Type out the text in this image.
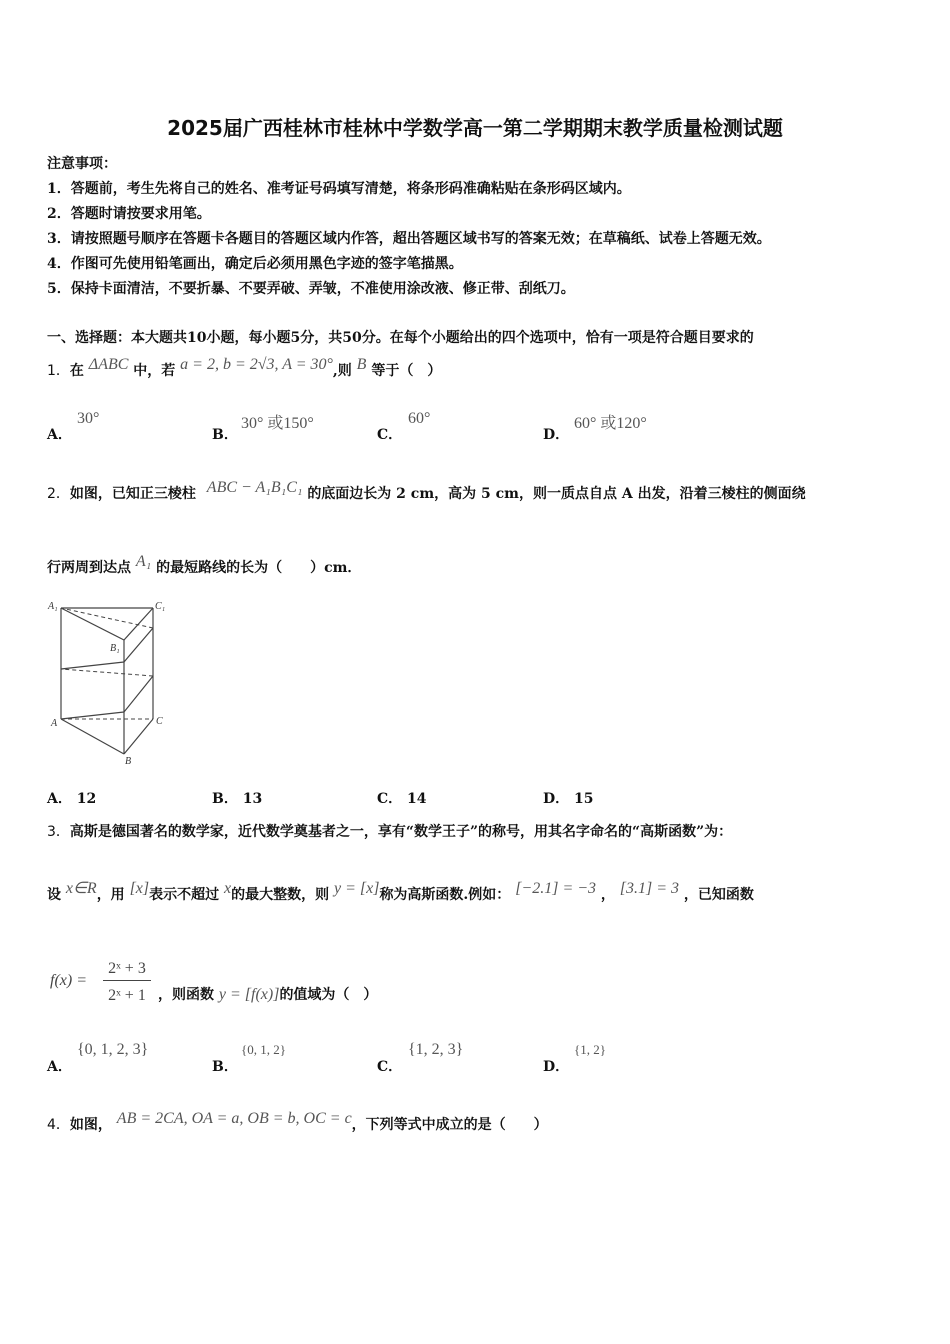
2025届广西桂林市桂林中学数学高一第二学期期末教学质量检测试题
注意事项：
1．答题前，考生先将自己的姓名、准考证号码填写清楚，将条形码准确粘贴在条形码区域内。
2．答题时请按要求用笔。
3．请按照题号顺序在答题卡各题目的答题区域内作答，超出答题区域书写的答案无效；在草稿纸、试卷上答题无效。
4．作图可先使用铅笔画出，确定后必须用黑色字迹的签字笔描黑。
5．保持卡面清洁，不要折暴、不要弄破、弄皱，不准使用涂改液、修正带、刮纸刀。
一、选择题：本大题共10小题，每小题5分，共50分。在每个小题给出的四个选项中，恰有一项是符合题目要求的
1．在 ΔABC 中，若 a = 2, b = 2√3, A = 30°,则 B 等于（　）
A．
30°
B．
30° 或150°
C．
60°
D．
60° 或120°
2．如图，已知正三棱柱 ABC − A₁B₁C₁ 的底面边长为 2 cm，高为 5 cm，则一质点自点 A 出发，沿着三棱柱的侧面绕
行两周到达点 A₁ 的最短路线的长为（　　）cm．
A₁	C₁
B₁
A	C
B
A． 12	B． 13	C． 14	D． 15
3．高斯是德国著名的数学家，近代数学奠基者之一，享有“数学王子”的称号，用其名字命名的“高斯函数”为：
设 x∈R，用 [x]表示不超过 x的最大整数，则 y = [x]称为高斯函数.例如： [−2.1] = −3 ， [3.1] = 3 ，已知函数
f(x) =
2ˣ + 3
2ˣ + 1 ，则函数 y = [f(x)]的值域为（　）
A．
{0, 1, 2, 3}
B．
{0, 1, 2}
C．
{1, 2, 3}
D．
{1, 2}
4．如图， AB = 2CA, OA = a, OB = b, OC = c，下列等式中成立的是（　　）
